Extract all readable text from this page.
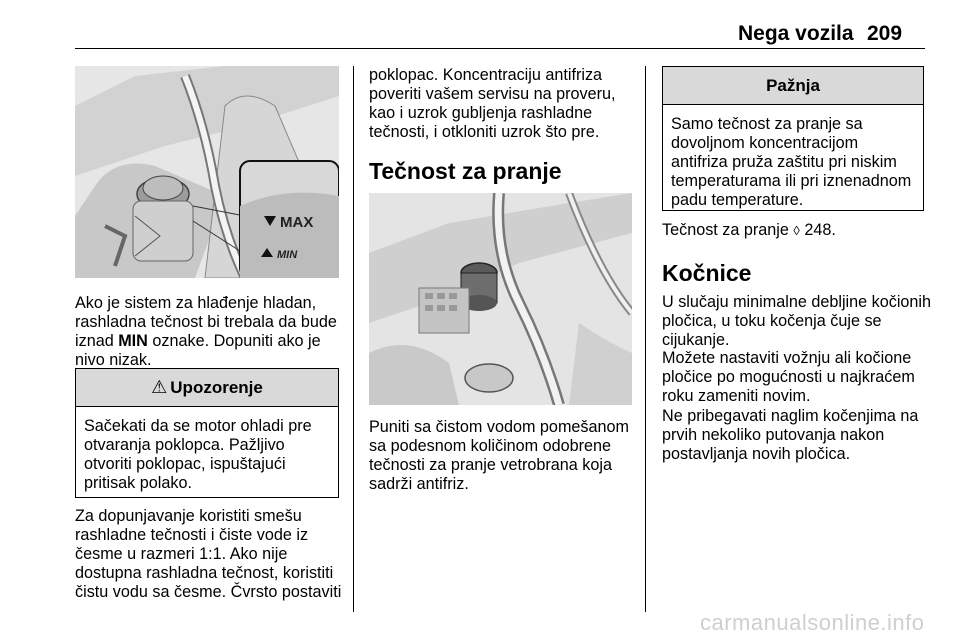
Nega vozila 209
MAX
MIN

Ako je sistem za hlađenje hladan,

rashladna tečnost bi trebala da bude

iznad MIN oznake. Dopuniti ako je

nivo nizak.

⚠ Upozorenje
Sačekati da se motor ohladi pre
otvaranja poklopca. Pažljivo
otvoriti poklopac, ispuštajući
pritisak polako.

Za dopunjavanje koristiti smešu

rashladne tečnosti i čiste vode iz

česme u razmeri 1:1. Ako nije

dostupna rashladna tečnost, koristiti

čistu vodu sa česme. Čvrsto postaviti

poklopac. Koncentraciju antifriza

poveriti vašem servisu na proveru,

kao i uzrok gubljenja rashladne

tečnosti, i otkloniti uzrok što pre.

Tečnost za pranje

Puniti sa čistom vodom pomešanom

sa podesnom količinom odobrene

tečnosti za pranje vetrobrana koja

sadrži antifriz.

Pažnja
Samo tečnost za pranje sa
dovoljnom koncentracijom
antifriza pruža zaštitu pri niskim
temperaturama ili pri iznenadnom
padu temperature.

Tečnost za pranje ◊ 248.

Kočnice

U slučaju minimalne debljine kočionih

pločica, u toku kočenja čuje se

cijukanje.

Možete nastaviti vožnju ali kočione

pločice po mogućnosti u najkraćem

roku zameniti novim.

Ne pribegavati naglim kočenjima na

prvih nekoliko putovanja nakon

postavljanja novih pločica.

carmanualsonline.info
